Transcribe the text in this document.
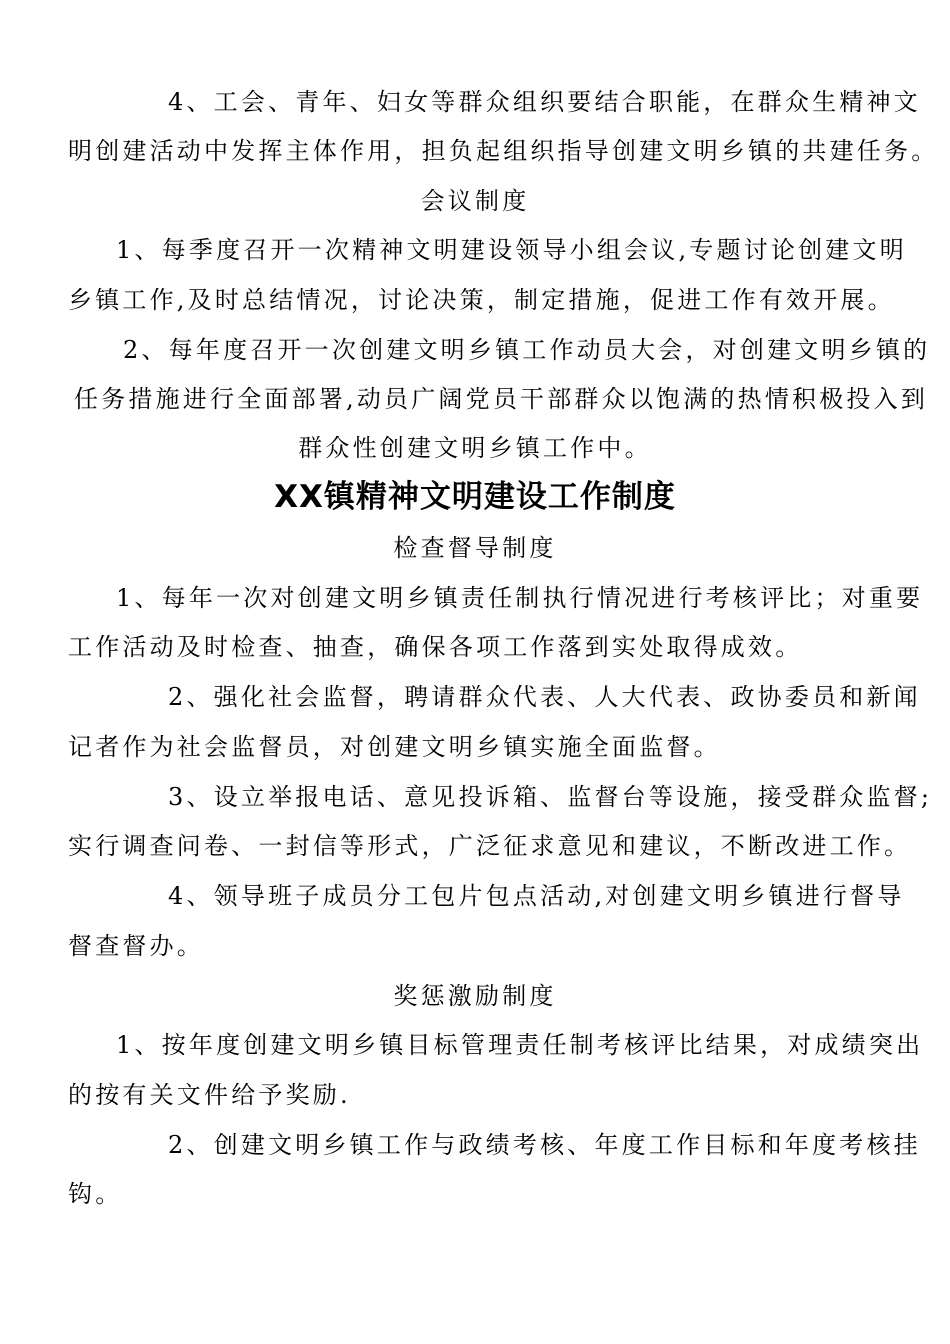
4、工会、青年、妇女等群众组织要结合职能，在群众生精神文
明创建活动中发挥主体作用，担负起组织指导创建文明乡镇的共建任务。
会议制度
1、每季度召开一次精神文明建设领导小组会议,专题讨论创建文明
乡镇工作,及时总结情况，讨论决策，制定措施，促进工作有效开展。
2、每年度召开一次创建文明乡镇工作动员大会，对创建文明乡镇的
任务措施进行全面部署,动员广阔党员干部群众以饱满的热情积极投入到
群众性创建文明乡镇工作中。
XX镇精神文明建设工作制度
检查督导制度
1、每年一次对创建文明乡镇责任制执行情况进行考核评比；对重要
工作活动及时检查、抽查，确保各项工作落到实处取得成效。
2、强化社会监督，聘请群众代表、人大代表、政协委员和新闻
记者作为社会监督员，对创建文明乡镇实施全面监督。
3、设立举报电话、意见投诉箱、监督台等设施，接受群众监督;
实行调查问卷、一封信等形式，广泛征求意见和建议，不断改进工作。
4、领导班子成员分工包片包点活动,对创建文明乡镇进行督导
督查督办。
奖惩激励制度
1、按年度创建文明乡镇目标管理责任制考核评比结果，对成绩突出
的按有关文件给予奖励.
2、创建文明乡镇工作与政绩考核、年度工作目标和年度考核挂
钩。
